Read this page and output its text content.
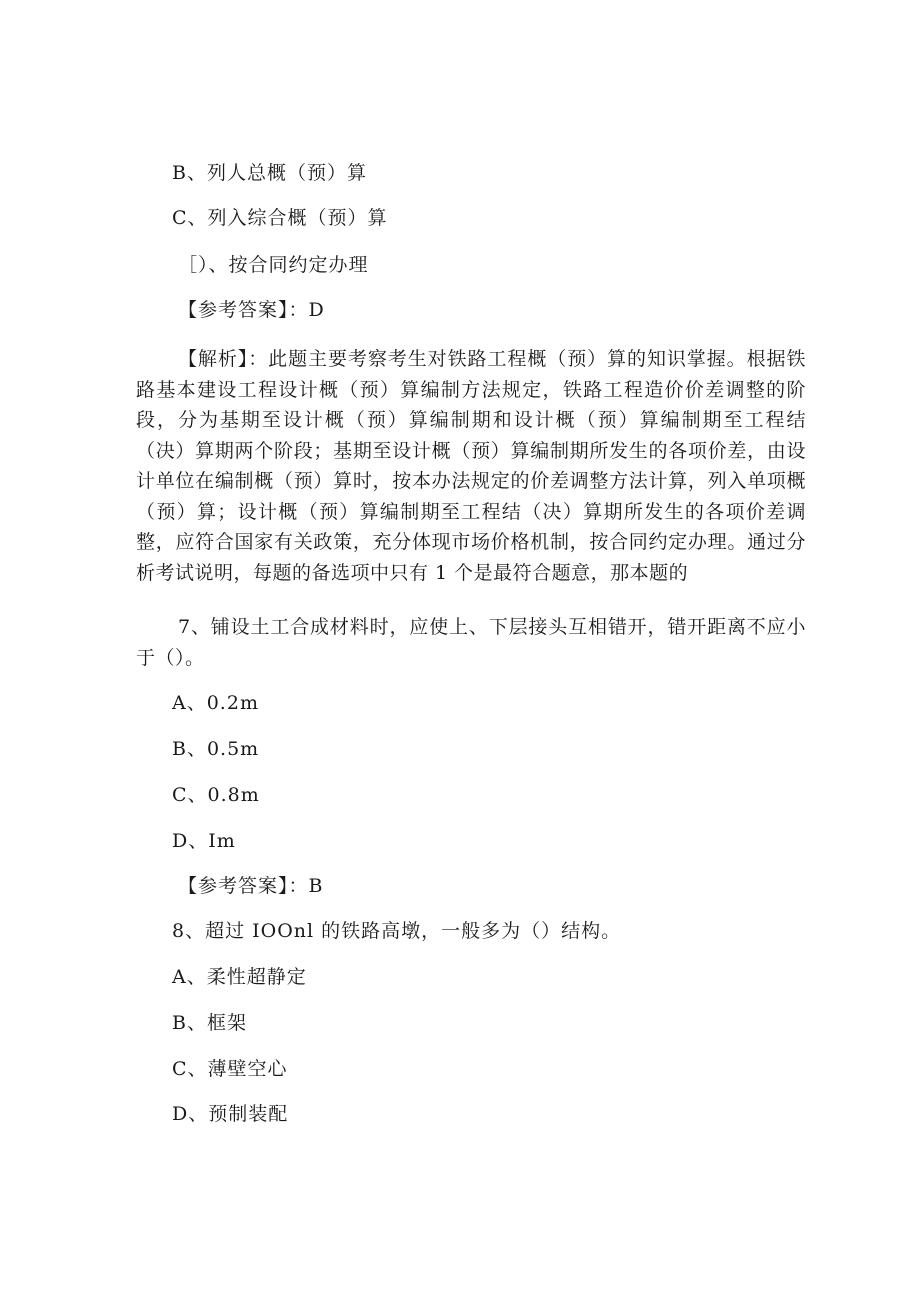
B、列人总概（预）算
C、列入综合概（预）算
［）、按合同约定办理
【参考答案】：D
【解析】：此题主要考察考生对铁路工程概（预）算的知识掌握。根据铁路基本建设工程设计概（预）算编制方法规定，铁路工程造价价差调整的阶段，分为基期至设计概（预）算编制期和设计概（预）算编制期至工程结（决）算期两个阶段；基期至设计概（预）算编制期所发生的各项价差，由设计单位在编制概（预）算时，按本办法规定的价差调整方法计算，列入单项概（预）算；设计概（预）算编制期至工程结（决）算期所发生的各项价差调整，应符合国家有关政策，充分体现市场价格机制，按合同约定办理。通过分析考试说明，每题的备选项中只有 1 个是最符合题意，那本题的
7、铺设土工合成材料时，应使上、下层接头互相错开，错开距离不应小于（）。
A、0.2m
B、0.5m
C、0.8m
D、Im
【参考答案】：B
8、超过 IOOnl 的铁路高墩，一般多为（）结构。
A、柔性超静定
B、框架
C、薄壁空心
D、预制装配
